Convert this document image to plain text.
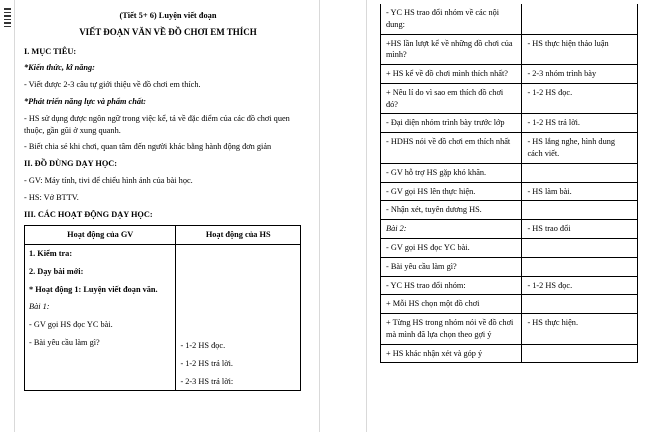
(Tiết 5+ 6) Luyện viết đoạn
VIẾT ĐOẠN VĂN VỀ ĐỒ CHƠI EM THÍCH

I. MỤC TIÊU:

*Kiến thức, kĩ năng:

- Viết được 2-3 câu tự giới thiệu về đồ chơi em thích.

*Phát triển năng lực và phẩm chất:

- HS sử dụng được ngôn ngữ trong việc kể, tả về đặc điểm của các đồ chơi quen thuộc, gần gũi ở xung quanh.

- Biết chia sẻ khi chơi, quan tâm đến người khác bằng hành động đơn giản

II. ĐỒ DÙNG DẠY HỌC:

- GV: Máy tính, tivi để chiếu hình ảnh của bài học.

- HS: Vở BTTV.

III. CÁC HOẠT ĐỘNG DẠY HỌC:

Hoạt động của GV	Hoạt động của HS

1. Kiểm tra:

2. Dạy bài mới:

* Hoạt động 1: Luyện viết đoạn văn.

Bài 1:

- GV gọi HS đọc YC bài.

- Bài yêu cầu làm gì?	- 1-2 HS đọc.

- 1-2 HS trả lời.

- 2-3 HS trả lời:

- YC HS trao đổi nhóm về các nội dung:	
+HS lần lượt kể về những đồ chơi của mình?	- HS thực hiện thảo luận
+ HS kể về đồ chơi mình thích nhất?	- 2-3 nhóm trình bày
+ Nêu lí do vì sao em thích đồ chơi đó?	- 1-2 HS đọc.
- Đại diện nhóm trình bày trước lớp	- 1-2 HS trả lời.
- HDHS nói về đồ chơi em thích nhất	- HS lắng nghe, hình dung cách viết.
- GV hỗ trợ HS gặp khó khăn.	
- GV gọi HS lên thực hiện.	- HS làm bài.
- Nhận xét, tuyên dương HS.	
Bài 2:	- HS trao đổi
- GV gọi HS đọc YC bài.	
- Bài yêu cầu làm gì?	
- YC HS trao đổi nhóm:	- 1-2 HS đọc.
+ Mỗi HS chọn một đồ chơi	
+ Từng HS trong nhóm nói về đồ chơi mà mình đã lựa chọn theo gợi ý	- HS thực hiện.
+ HS khác nhận xét và góp ý	
